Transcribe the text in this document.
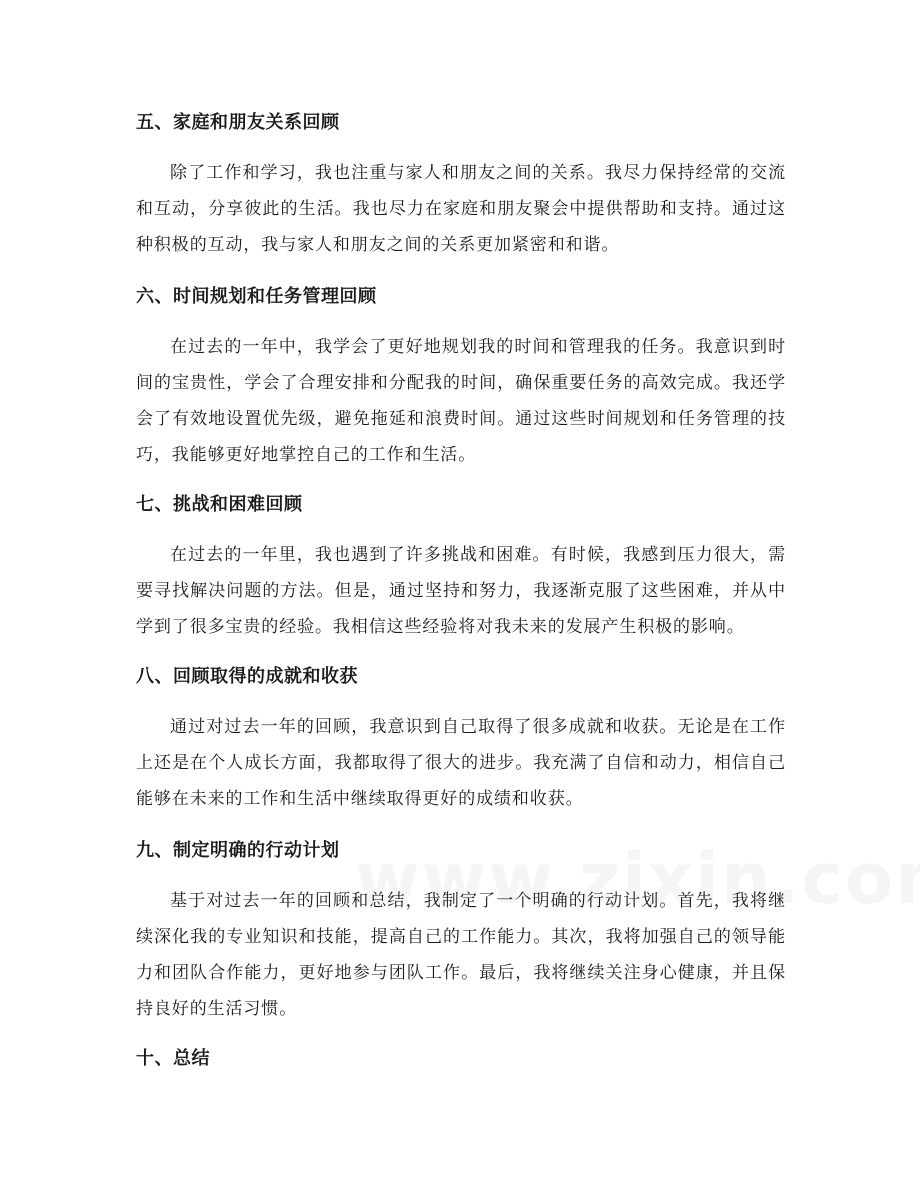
五、家庭和朋友关系回顾

除了工作和学习，我也注重与家人和朋友之间的关系。我尽力保持经常的交流和互动，分享彼此的生活。我也尽力在家庭和朋友聚会中提供帮助和支持。通过这种积极的互动，我与家人和朋友之间的关系更加紧密和和谐。

六、时间规划和任务管理回顾

在过去的一年中，我学会了更好地规划我的时间和管理我的任务。我意识到时间的宝贵性，学会了合理安排和分配我的时间，确保重要任务的高效完成。我还学会了有效地设置优先级，避免拖延和浪费时间。通过这些时间规划和任务管理的技巧，我能够更好地掌控自己的工作和生活。

七、挑战和困难回顾

在过去的一年里，我也遇到了许多挑战和困难。有时候，我感到压力很大，需要寻找解决问题的方法。但是，通过坚持和努力，我逐渐克服了这些困难，并从中学到了很多宝贵的经验。我相信这些经验将对我未来的发展产生积极的影响。

八、回顾取得的成就和收获

通过对过去一年的回顾，我意识到自己取得了很多成就和收获。无论是在工作上还是在个人成长方面，我都取得了很大的进步。我充满了自信和动力，相信自己能够在未来的工作和生活中继续取得更好的成绩和收获。

九、制定明确的行动计划

基于对过去一年的回顾和总结，我制定了一个明确的行动计划。首先，我将继续深化我的专业知识和技能，提高自己的工作能力。其次，我将加强自己的领导能力和团队合作能力，更好地参与团队工作。最后，我将继续关注身心健康，并且保持良好的生活习惯。

十、总结
